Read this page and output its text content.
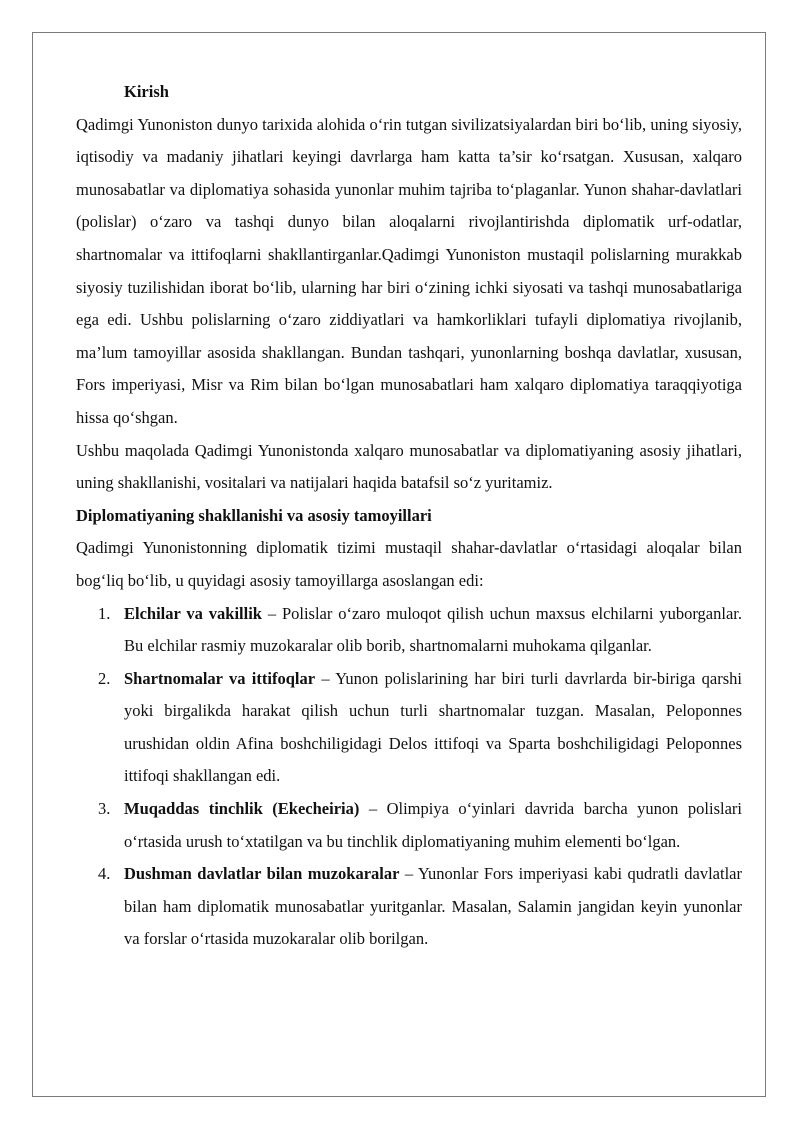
Kirish

Qadimgi Yunoniston dunyo tarixida alohida o‘rin tutgan sivilizatsiyalardan biri bo‘lib, uning siyosiy, iqtisodiy va madaniy jihatlari keyingi davrlarga ham katta ta’sir ko‘rsatgan. Xususan, xalqaro munosabatlar va diplomatiya sohasida yunonlar muhim tajriba to‘plaganlar. Yunon shahar-davlatlari (polislar) o‘zaro va tashqi dunyo bilan aloqalarni rivojlantirishda diplomatik urf-odatlar, shartnomalar va ittifoqlarni shakllantirganlar.Qadimgi Yunoniston mustaqil polislarning murakkab siyosiy tuzilishidan iborat bo‘lib, ularning har biri o‘zining ichki siyosati va tashqi munosabatlariga ega edi. Ushbu polislarning o‘zaro ziddiyatlari va hamkorliklari tufayli diplomatiya rivojlanib, ma’lum tamoyillar asosida shakllangan. Bundan tashqari, yunonlarning boshqa davlatlar, xususan, Fors imperiyasi, Misr va Rim bilan bo‘lgan munosabatlari ham xalqaro diplomatiya taraqqiyotiga hissa qo‘shgan.

Ushbu maqolada Qadimgi Yunonistonda xalqaro munosabatlar va diplomatiyaning asosiy jihatlari, uning shakllanishi, vositalari va natijalari haqida batafsil so‘z yuritamiz.

Diplomatiyaning shakllanishi va asosiy tamoyillari

Qadimgi Yunonistonning diplomatik tizimi mustaqil shahar-davlatlar o‘rtasidagi aloqalar bilan bog‘liq bo‘lib, u quyidagi asosiy tamoyillarga asoslangan edi:

1. Elchilar va vakillik – Polislar o‘zaro muloqot qilish uchun maxsus elchilarni yuborganlar. Bu elchilar rasmiy muzokaralar olib borib, shartnomalarni muhokama qilganlar.
2. Shartnomalar va ittifoqlar – Yunon polislarining har biri turli davrlarda bir-biriga qarshi yoki birgalikda harakat qilish uchun turli shartnomalar tuzgan. Masalan, Peloponnes urushidan oldin Afina boshchiligidagi Delos ittifoqi va Sparta boshchiligidagi Peloponnes ittifoqi shakllangan edi.
3. Muqaddas tinchlik (Ekecheiria) – Olimpiya o‘yinlari davrida barcha yunon polislari o‘rtasida urush to‘xtatilgan va bu tinchlik diplomatiyaning muhim elementi bo‘lgan.
4. Dushman davlatlar bilan muzokaralar – Yunonlar Fors imperiyasi kabi qudratli davlatlar bilan ham diplomatik munosabatlar yuritganlar. Masalan, Salamin jangidan keyin yunonlar va forslar o‘rtasida muzokaralar olib borilgan.
